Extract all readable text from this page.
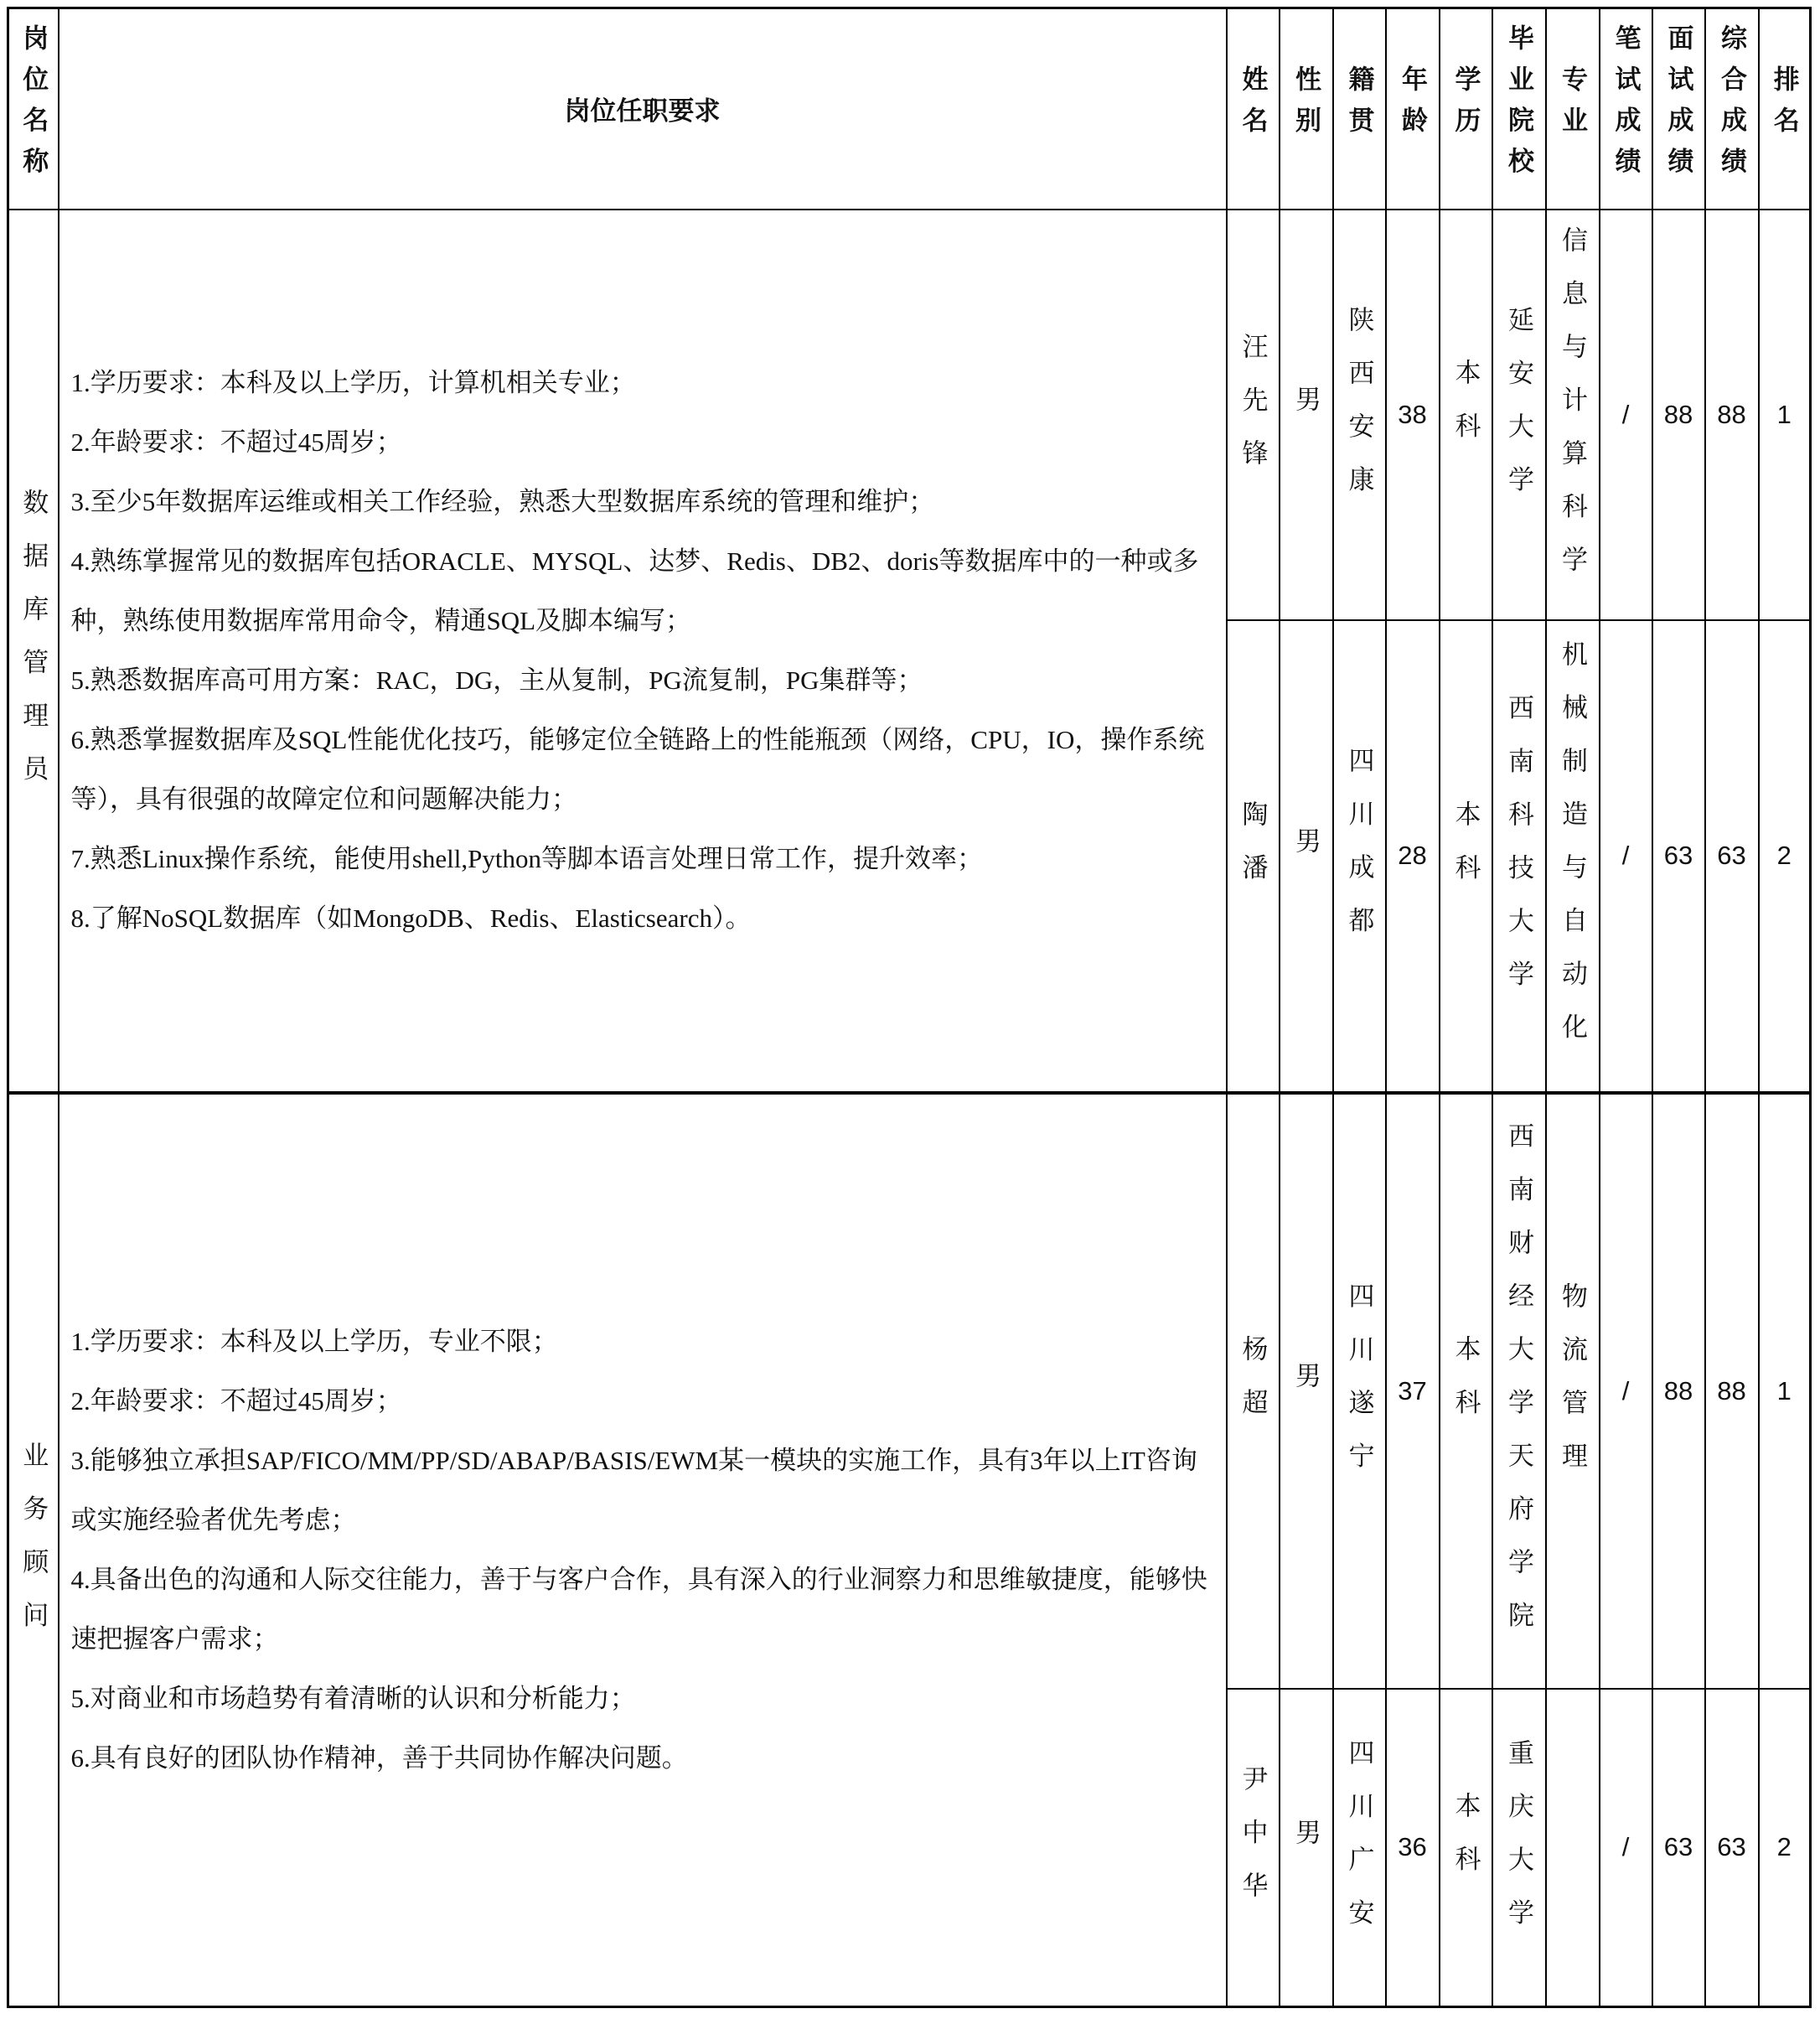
岗位名称	岗位任职要求	姓名	性别	籍贯	年龄	学历	毕业院校	专业	笔试成绩	面试成绩	综合成绩	排名
数据库管理员	
1.学历要求：本科及以上学历，计算机相关专业；
2.年龄要求：不超过45周岁；
3.至少5年数据库运维或相关工作经验，熟悉大型数据库系统的管理和维护；
4.熟练掌握常见的数据库包括ORACLE、MYSQL、达梦、Redis、DB2、doris等数据库中的一种或多种，熟练使用数据库常用命令，精通SQL及脚本编写；
5.熟悉数据库高可用方案：RAC，DG，主从复制，PG流复制，PG集群等；
6.熟悉掌握数据库及SQL性能优化技巧，能够定位全链路上的性能瓶颈（网络，CPU，IO，操作系统等），具有很强的故障定位和问题解决能力；
7.熟悉Linux操作系统，能使用shell,Python等脚本语言处理日常工作，提升效率；
8.了解NoSQL数据库（如MongoDB、Redis、Elasticsearch）。
	汪先锋	男	陕西安康	38	本科	延安大学	信息与计算科学	/	88	88	1
		陶潘	男	四川成都	28	本科	西南科技大学	机械制造与自动化	/	63	63	2
业务顾问	
1.学历要求：本科及以上学历，专业不限；
2.年龄要求：不超过45周岁；
3.能够独立承担SAP/FICO/MM/PP/SD/ABAP/BASIS/EWM某一模块的实施工作，具有3年以上IT咨询或实施经验者优先考虑；
4.具备出色的沟通和人际交往能力，善于与客户合作，具有深入的行业洞察力和思维敏捷度，能够快速把握客户需求；
5.对商业和市场趋势有着清晰的认识和分析能力；
6.具有良好的团队协作精神，善于共同协作解决问题。
	杨超	男	四川遂宁	37	本科	西南财经大学天府学院	物流管理	/	88	88	1
		尹中华	男	四川广安	36	本科	重庆大学		/	63	63	2
